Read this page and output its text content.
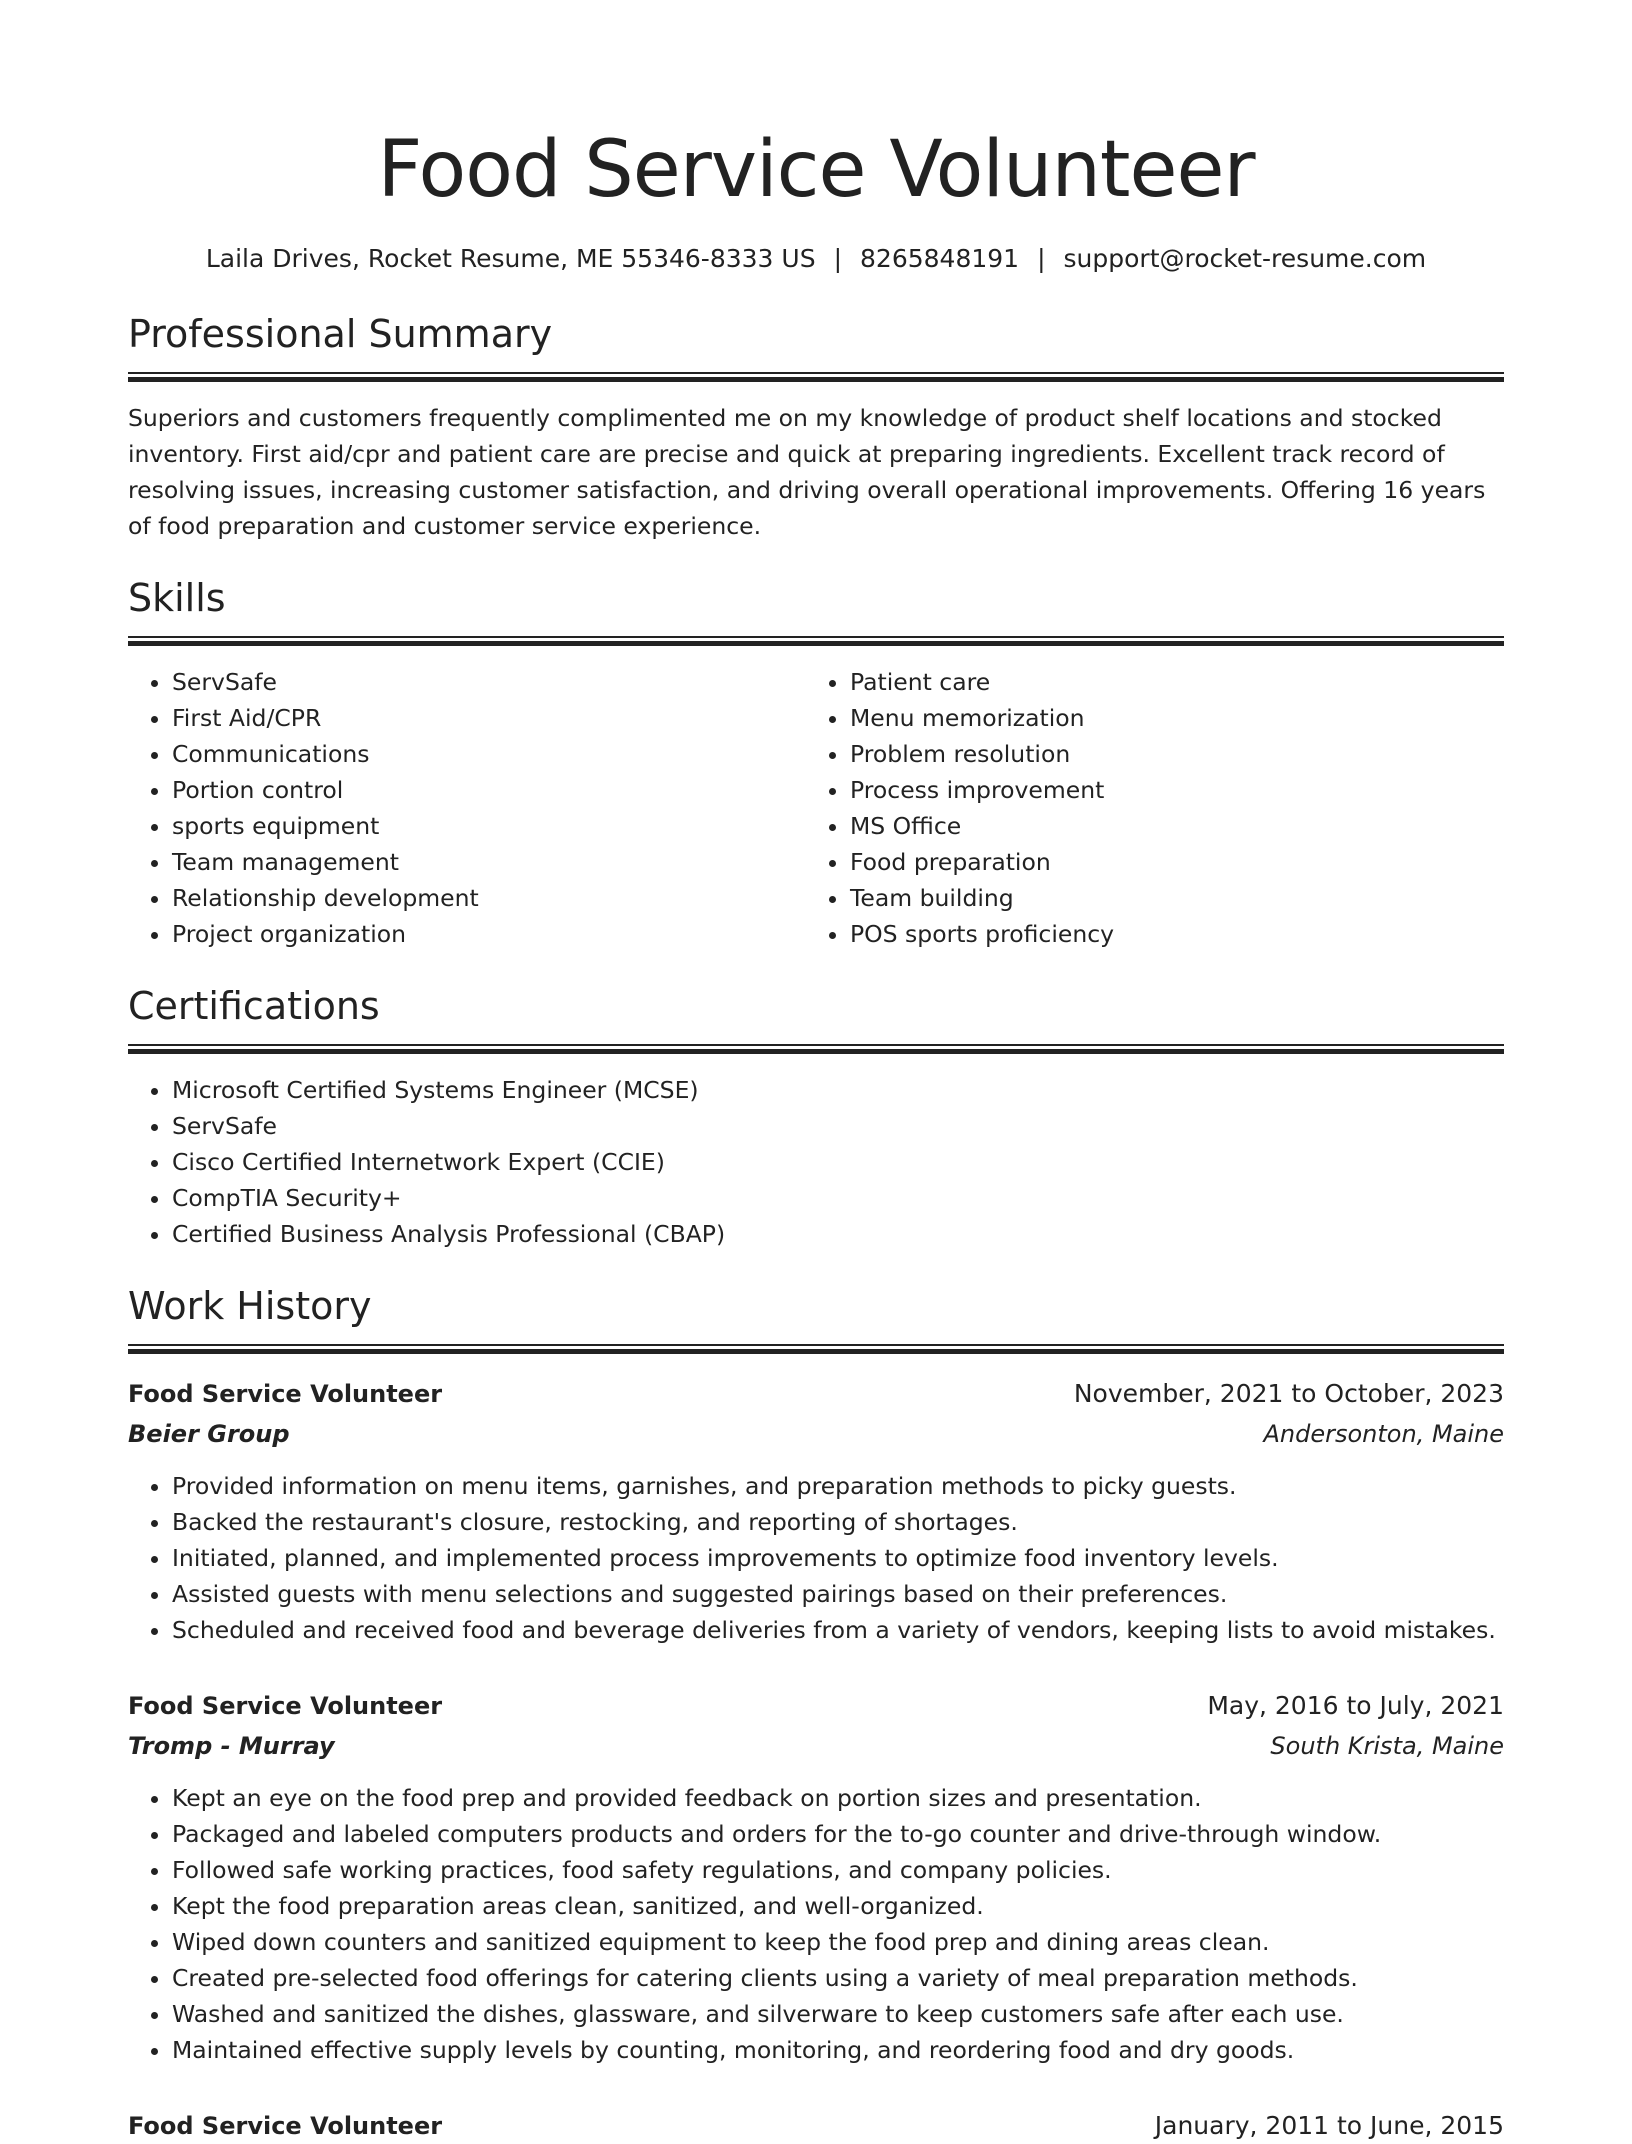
Food Service Volunteer
Laila Drives, Rocket Resume, ME 55346-8333 US | 8265848191 | support@rocket-resume.com
Professional Summary

Superiors and customers frequently complimented me on my knowledge of product shelf locations and stocked inventory. First aid/cpr and patient care are precise and quick at preparing ingredients. Excellent track record of resolving issues, increasing customer satisfaction, and driving overall operational improvements. Offering 16 years of food preparation and customer service experience.

Skills
• ServSafe
• First Aid/CPR
• Communications
• Portion control
• sports equipment
• Team management
• Relationship development
• Project organization
• Patient care
• Menu memorization
• Problem resolution
• Process improvement
• MS Office
• Food preparation
• Team building
• POS sports proficiency
Certifications
• Microsoft Certified Systems Engineer (MCSE)
• ServSafe
• Cisco Certified Internetwork Expert (CCIE)
• CompTIA Security+
• Certified Business Analysis Professional (CBAP)
Work History
Food Service Volunteer	November, 2021 to October, 2023
Beier Group	Andersonton, Maine
• Provided information on menu items, garnishes, and preparation methods to picky guests.
• Backed the restaurant's closure, restocking, and reporting of shortages.
• Initiated, planned, and implemented process improvements to optimize food inventory levels.
• Assisted guests with menu selections and suggested pairings based on their preferences.
• Scheduled and received food and beverage deliveries from a variety of vendors, keeping lists to avoid mistakes.
Food Service Volunteer	May, 2016 to July, 2021
Tromp - Murray	South Krista, Maine
• Kept an eye on the food prep and provided feedback on portion sizes and presentation.
• Packaged and labeled computers products and orders for the to-go counter and drive-through window.
• Followed safe working practices, food safety regulations, and company policies.
• Kept the food preparation areas clean, sanitized, and well-organized.
• Wiped down counters and sanitized equipment to keep the food prep and dining areas clean.
• Created pre-selected food offerings for catering clients using a variety of meal preparation methods.
• Washed and sanitized the dishes, glassware, and silverware to keep customers safe after each use.
• Maintained effective supply levels by counting, monitoring, and reordering food and dry goods.
Food Service Volunteer	January, 2011 to June, 2015
